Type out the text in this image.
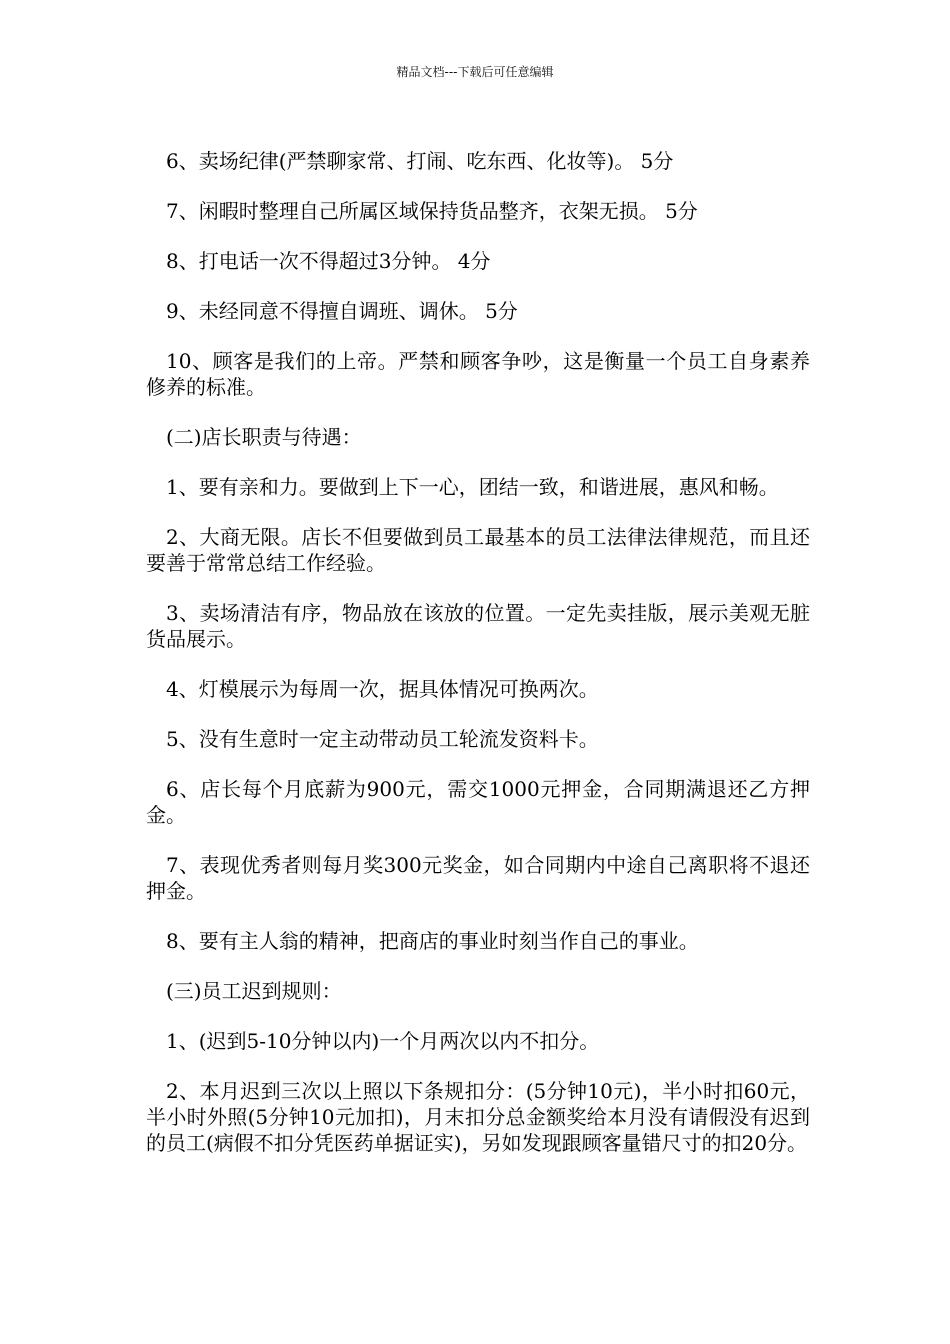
精品文档---下载后可任意编辑

6、卖场纪律(严禁聊家常、打闹、吃东西、化妆等)。 5分

7、闲暇时整理自己所属区域保持货品整齐，衣架无损。 5分

8、打电话一次不得超过3分钟。 4分

9、未经同意不得擅自调班、调休。 5分

10、顾客是我们的上帝。严禁和顾客争吵，这是衡量一个员工自身素养修养的标准。

(二)店长职责与待遇：

1、要有亲和力。要做到上下一心，团结一致，和谐进展，惠风和畅。

2、大商无限。店长不但要做到员工最基本的员工法律法律规范，而且还要善于常常总结工作经验。

3、卖场清洁有序，物品放在该放的位置。一定先卖挂版，展示美观无脏货品展示。

4、灯模展示为每周一次，据具体情况可换两次。

5、没有生意时一定主动带动员工轮流发资料卡。

6、店长每个月底薪为900元，需交1000元押金，合同期满退还乙方押金。

7、表现优秀者则每月奖300元奖金，如合同期内中途自己离职将不退还押金。

8、要有主人翁的精神，把商店的事业时刻当作自己的事业。

(三)员工迟到规则：

1、(迟到5-10分钟以内)一个月两次以内不扣分。

2、本月迟到三次以上照以下条规扣分：(5分钟10元)，半小时扣60元，半小时外照(5分钟10元加扣)，月末扣分总金额奖给本月没有请假没有迟到的员工(病假不扣分凭医药单据证实)，另如发现跟顾客量错尺寸的扣20分。
